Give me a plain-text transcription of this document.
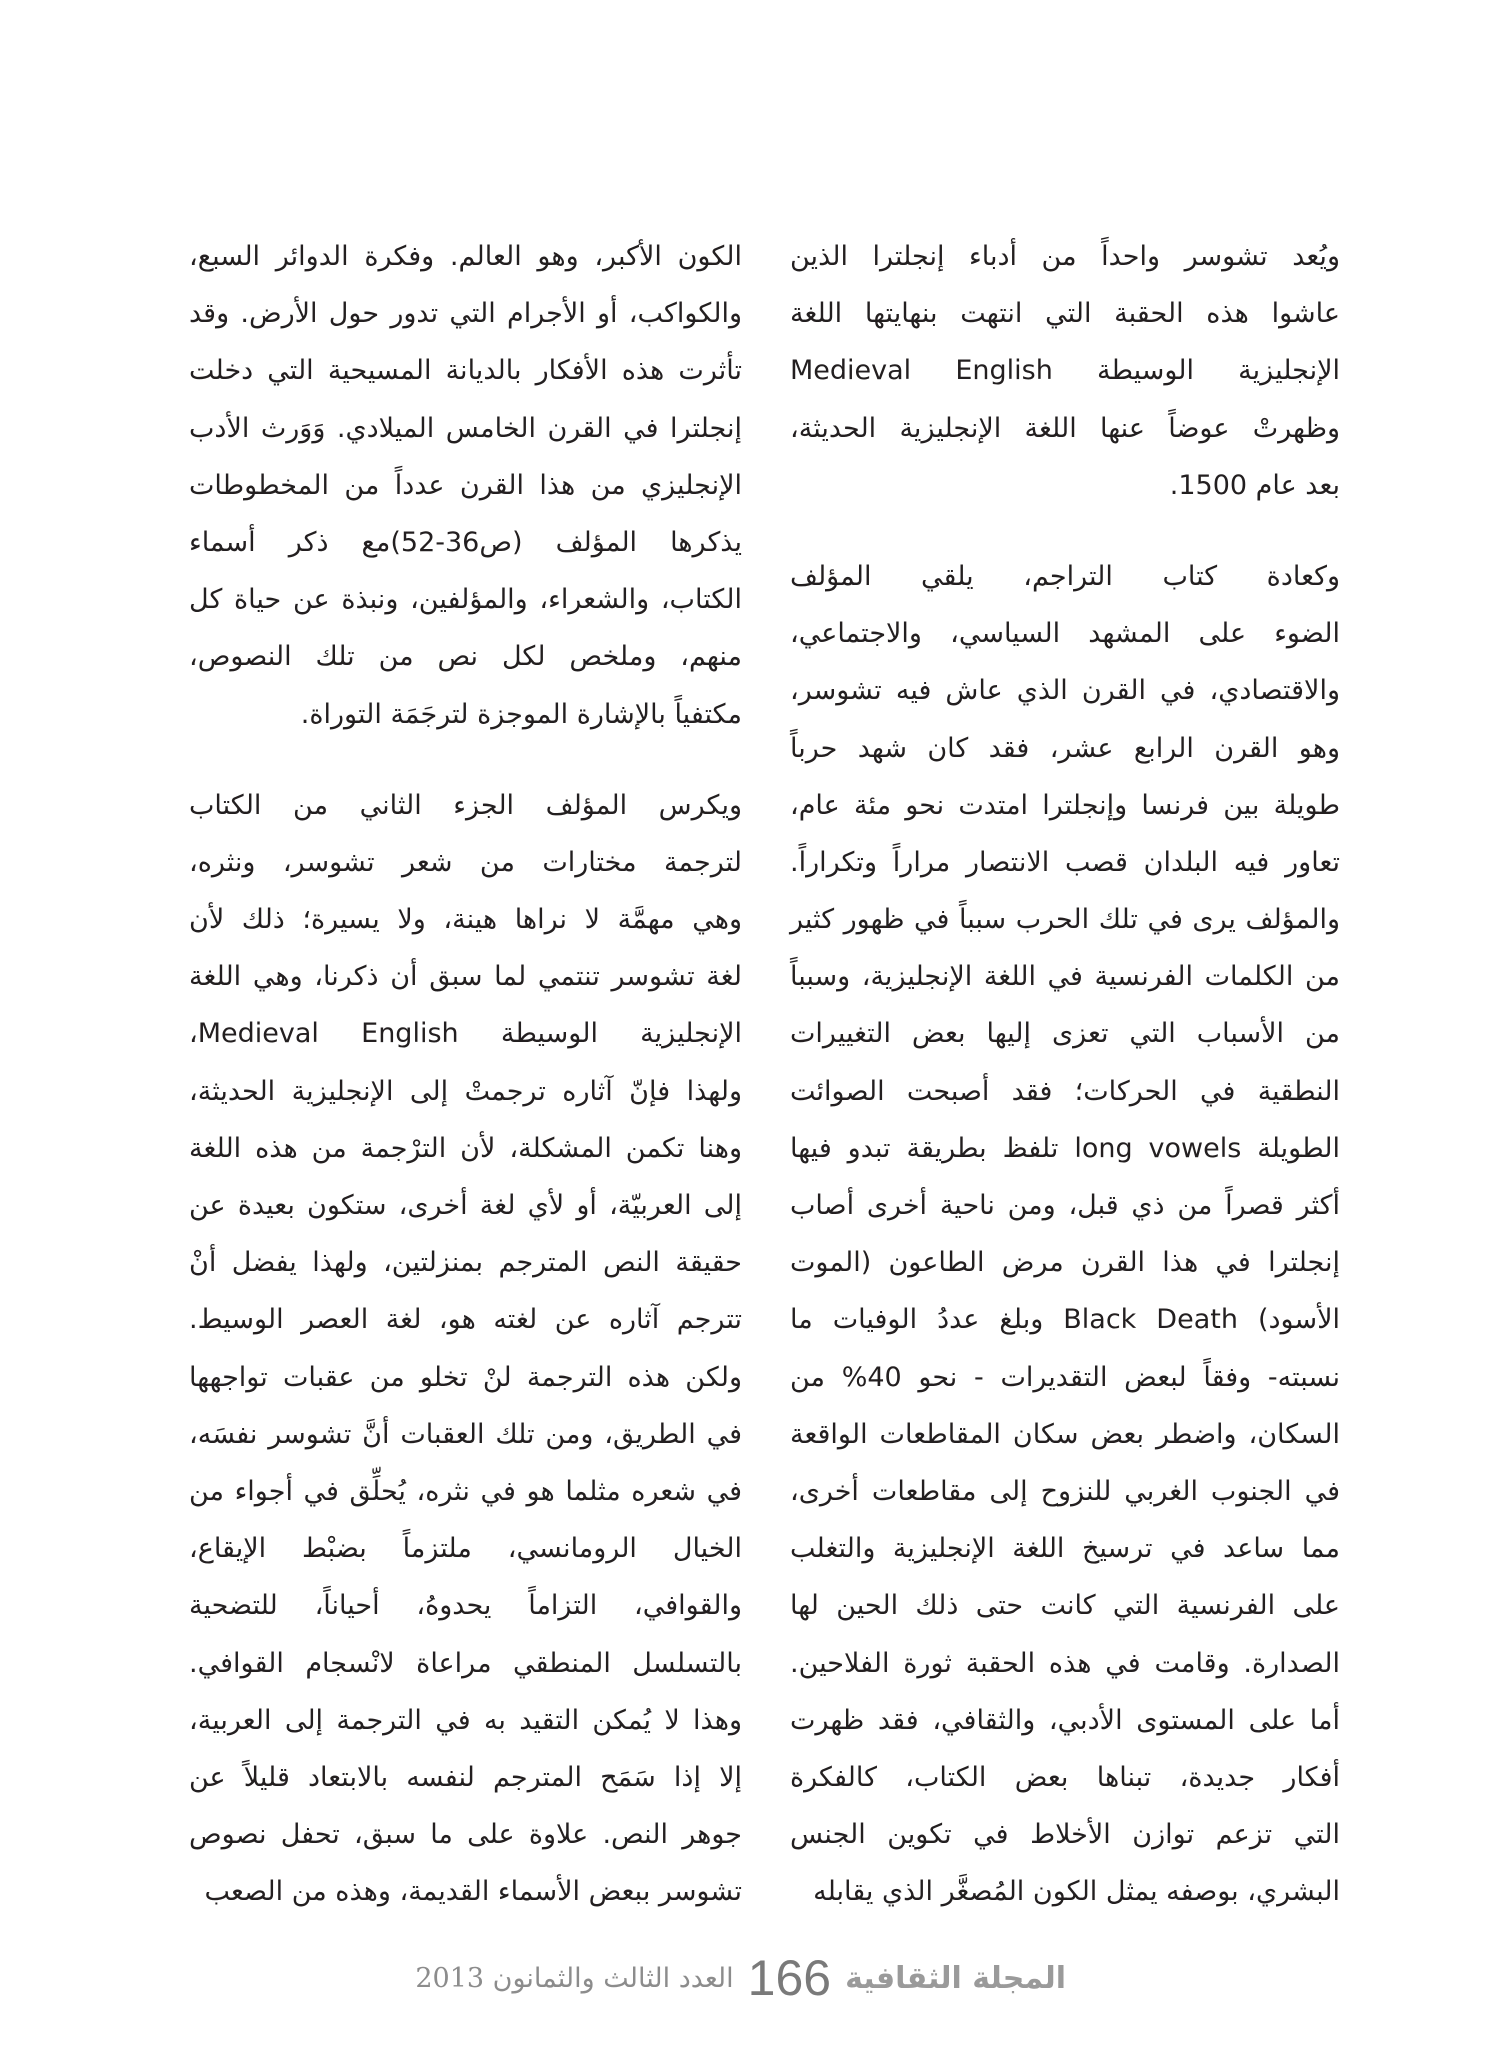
ويُعد تشوسر واحداً من أدباء إنجلترا الذين
عاشوا هذه الحقبة التي انتهت بنهايتها اللغة
الإنجليزية الوسيطة Medieval English
وظهرتْ عوضاً عنها اللغة الإنجليزية الحديثة،
بعد عام 1500.

وكعادة كتاب التراجم، يلقي المؤلف
الضوء على المشهد السياسي، والاجتماعي،
والاقتصادي، في القرن الذي عاش فيه تشوسر،
وهو القرن الرابع عشر، فقد كان شهد حرباً
طويلة بين فرنسا وإنجلترا امتدت نحو مئة عام،
تعاور فيه البلدان قصب الانتصار مراراً وتكراراً.
والمؤلف يرى في تلك الحرب سبباً في ظهور كثير
من الكلمات الفرنسية في اللغة الإنجليزية، وسبباً
من الأسباب التي تعزى إليها بعض التغييرات
النطقية في الحركات؛ فقد أصبحت الصوائت
الطويلة long vowels تلفظ بطريقة تبدو فيها
أكثر قصراً من ذي قبل، ومن ناحية أخرى أصاب
إنجلترا في هذا القرن مرض الطاعون (الموت
الأسود) Black Death وبلغ عددُ الوفيات ما
نسبته- وفقاً لبعض التقديرات - نحو 40% من
السكان، واضطر بعض سكان المقاطعات الواقعة
في الجنوب الغربي للنزوح إلى مقاطعات أخرى،
مما ساعد في ترسيخ اللغة الإنجليزية والتغلب
على الفرنسية التي كانت حتى ذلك الحين لها
الصدارة. وقامت في هذه الحقبة ثورة الفلاحين.
أما على المستوى الأدبي، والثقافي، فقد ظهرت
أفكار جديدة، تبناها بعض الكتاب، كالفكرة
التي تزعم توازن الأخلاط في تكوين الجنس
البشري، بوصفه يمثل الكون المُصغَّر الذي يقابله

الكون الأكبر، وهو العالم. وفكرة الدوائر السبع،
والكواكب، أو الأجرام التي تدور حول الأرض. وقد
تأثرت هذه الأفكار بالديانة المسيحية التي دخلت
إنجلترا في القرن الخامس الميلادي. وَوَرث الأدب
الإنجليزي من هذا القرن عدداً من المخطوطات
يذكرها المؤلف (ص36-52)مع ذكر أسماء
الكتاب، والشعراء، والمؤلفين، ونبذة عن حياة كل
منهم، وملخص لكل نص من تلك النصوص،
مكتفياً بالإشارة الموجزة لترجَمَة التوراة.

ويكرس المؤلف الجزء الثاني من الكتاب
لترجمة مختارات من شعر تشوسر، ونثره،
وهي مهمَّة لا نراها هينة، ولا يسيرة؛ ذلك لأن
لغة تشوسر تنتمي لما سبق أن ذكرنا، وهي اللغة
الإنجليزية الوسيطة Medieval English،
ولهذا فإنّ آثاره ترجمتْ إلى الإنجليزية الحديثة،
وهنا تكمن المشكلة، لأن الترْجمة من هذه اللغة
إلى العربيّة، أو لأي لغة أخرى، ستكون بعيدة عن
حقيقة النص المترجم بمنزلتين، ولهذا يفضل أنْ
تترجم آثاره عن لغته هو، لغة العصر الوسيط.
ولكن هذه الترجمة لنْ تخلو من عقبات تواجهها
في الطريق، ومن تلك العقبات أنَّ تشوسر نفسَه،
في شعره مثلما هو في نثره، يُحلِّق في أجواء من
الخيال الرومانسي، ملتزماً بضبْط الإيقاع،
والقوافي، التزاماً يحدوهُ، أحياناً، للتضحية
بالتسلسل المنطقي مراعاة لانْسجام القوافي.
وهذا لا يُمكن التقيد به في الترجمة إلى العربية،
إلا إذا سَمَح المترجم لنفسه بالابتعاد قليلاً عن
جوهر النص. علاوة على ما سبق، تحفل نصوص
تشوسر ببعض الأسماء القديمة، وهذه من الصعب

المجلة الثقافية
166
العدد الثالث والثمانون 2013
